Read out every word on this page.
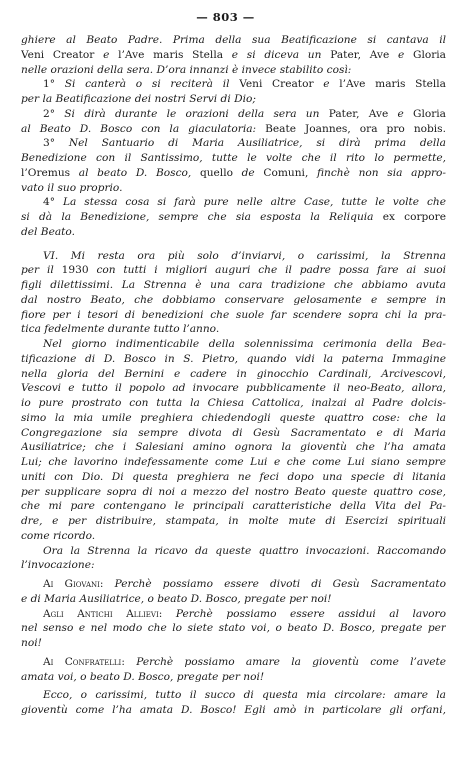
— 803 —
ghiere al Beato Padre. Prima della sua Beatificazione si cantava il
Veni Creator e l’Ave maris Stella e si diceva un Pater, Ave e Gloria
nelle orazioni della sera. D’ora innanzi è invece stabilito così:
1° Si canterà o si reciterà il Veni Creator e l’Ave maris Stella
per la Beatificazione dei nostri Servi di Dio;
2° Si dirà durante le orazioni della sera un Pater, Ave e Gloria
al Beato D. Bosco con la giaculatoria: Beate Joannes, ora pro nobis.
3° Nel Santuario di Maria Ausiliatrice, si dirà prima della
Benedizione con il Santissimo, tutte le volte che il rito lo permette,
l’Oremus al beato D. Bosco, quello de Comuni, finchè non sia appro-
vato il suo proprio.
4° La stessa cosa si farà pure nelle altre Case, tutte le volte che
si dà la Benedizione, sempre che sia esposta la Reliquia ex corpore
del Beato.
VI. Mi resta ora più solo d’inviarvi, o carissimi, la Strenna
per il 1930 con tutti i migliori auguri che il padre possa fare ai suoi
figli dilettissimi. La Strenna è una cara tradizione che abbiamo avuta
dal nostro Beato, che dobbiamo conservare gelosamente e sempre in
fiore per i tesori di benedizioni che suole far scendere sopra chi la pra-
tica fedelmente durante tutto l’anno.
Nel giorno indimenticabile della solennissima cerimonia della Bea-
tificazione di D. Bosco in S. Pietro, quando vidi la paterna Immagine
nella gloria del Bernini e cadere in ginocchio Cardinali, Arcivescovi,
Vescovi e tutto il popolo ad invocare pubblicamente il neo-Beato, allora,
io pure prostrato con tutta la Chiesa Cattolica, inalzai al Padre dolcis-
simo la mia umile preghiera chiedendogli queste quattro cose: che la
Congregazione sia sempre divota di Gesù Sacramentato e di Maria
Ausiliatrice; che i Salesiani amino ognora la gioventù che l’ha amata
Lui; che lavorino indefessamente come Lui e che come Lui siano sempre
uniti con Dio. Di questa preghiera ne feci dopo una specie di litania
per supplicare sopra di noi a mezzo del nostro Beato queste quattro cose,
che mi pare contengano le principali caratteristiche della Vita del Pa-
dre, e per distribuire, stampata, in molte mute di Esercizi spirituali
come ricordo.
Ora la Strenna la ricavo da queste quattro invocazioni. Raccomando
l’invocazione:
Ai Giovani: Perchè possiamo essere divoti di Gesù Sacramentato
e di Maria Ausiliatrice, o beato D. Bosco, pregate per noi!
Agli Antichi Allievi: Perchè possiamo essere assidui al lavoro
nel senso e nel modo che lo siete stato voi, o beato D. Bosco, pregate per
noi!
Ai Confratelli: Perchè possiamo amare la gioventù come l’avete
amata voi, o beato D. Bosco, pregate per noi!
Ecco, o carissimi, tutto il succo di questa mia circolare: amare la
gioventù come l’ha amata D. Bosco! Egli amò in particolare gli orfani,
